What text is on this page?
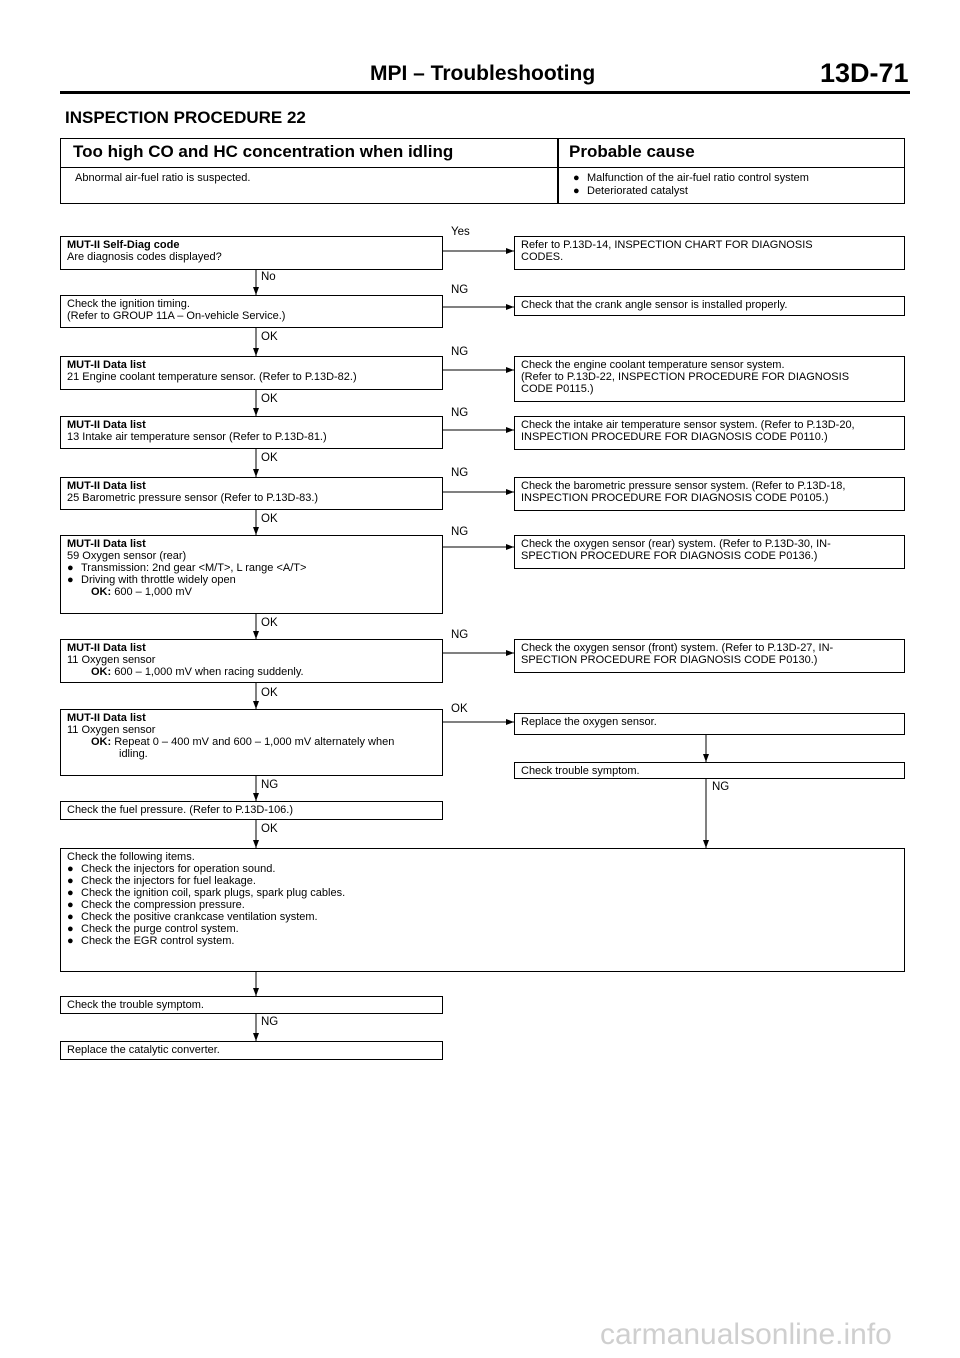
MPI – Troubleshooting	13D-71
INSPECTION PROCEDURE 22
Too high CO and HC concentration when idling	Probable cause
Abnormal air-fuel ratio is suspected.	● Malfunction of the air-fuel ratio control system
● Deteriorated catalyst
Yes
NG
NG
NG
NG
NG
NG
OK
No
OK
OK
OK
OK
OK
OK
NG
OK
NG
NG
MUT-II Self-Diag code
Are diagnosis codes displayed?
Check the ignition timing.
(Refer to GROUP 11A – On-vehicle Service.)
MUT-II Data list
21 Engine coolant temperature sensor. (Refer to P.13D-82.)
MUT-II Data list
13 Intake air temperature sensor (Refer to P.13D-81.)
MUT-II Data list
25 Barometric pressure sensor (Refer to P.13D-83.)
MUT-II Data list
59 Oxygen sensor (rear)
● Transmission: 2nd gear <M/T>, L range <A/T>
● Driving with throttle widely open
OK: 600 – 1,000 mV
MUT-II Data list
11 Oxygen sensor
OK: 600 – 1,000 mV when racing suddenly.
MUT-II Data list
11 Oxygen sensor
OK: Repeat 0 – 400 mV and 600 – 1,000 mV alternately when
idling.
Check the fuel pressure. (Refer to P.13D-106.)
Check the following items.
● Check the injectors for operation sound.
● Check the injectors for fuel leakage.
● Check the ignition coil, spark plugs, spark plug cables.
● Check the compression pressure.
● Check the positive crankcase ventilation system.
● Check the purge control system.
● Check the EGR control system.
Check the trouble symptom.
Replace the catalytic converter.
Refer to P.13D-14, INSPECTION CHART FOR DIAGNOSIS
CODES.
Check that the crank angle sensor is installed properly.
Check the engine coolant temperature sensor system.
(Refer to P.13D-22, INSPECTION PROCEDURE FOR DIAGNOSIS
CODE P0115.)
Check the intake air temperature sensor system. (Refer to P.13D-20,
INSPECTION PROCEDURE FOR DIAGNOSIS CODE P0110.)
Check the barometric pressure sensor system. (Refer to P.13D-18,
INSPECTION PROCEDURE FOR DIAGNOSIS CODE P0105.)
Check the oxygen sensor (rear) system. (Refer to P.13D-30, IN-
SPECTION PROCEDURE FOR DIAGNOSIS CODE P0136.)
Check the oxygen sensor (front) system. (Refer to P.13D-27, IN-
SPECTION PROCEDURE FOR DIAGNOSIS CODE P0130.)
Replace the oxygen sensor.
Check trouble symptom.
carmanualsonline.info
